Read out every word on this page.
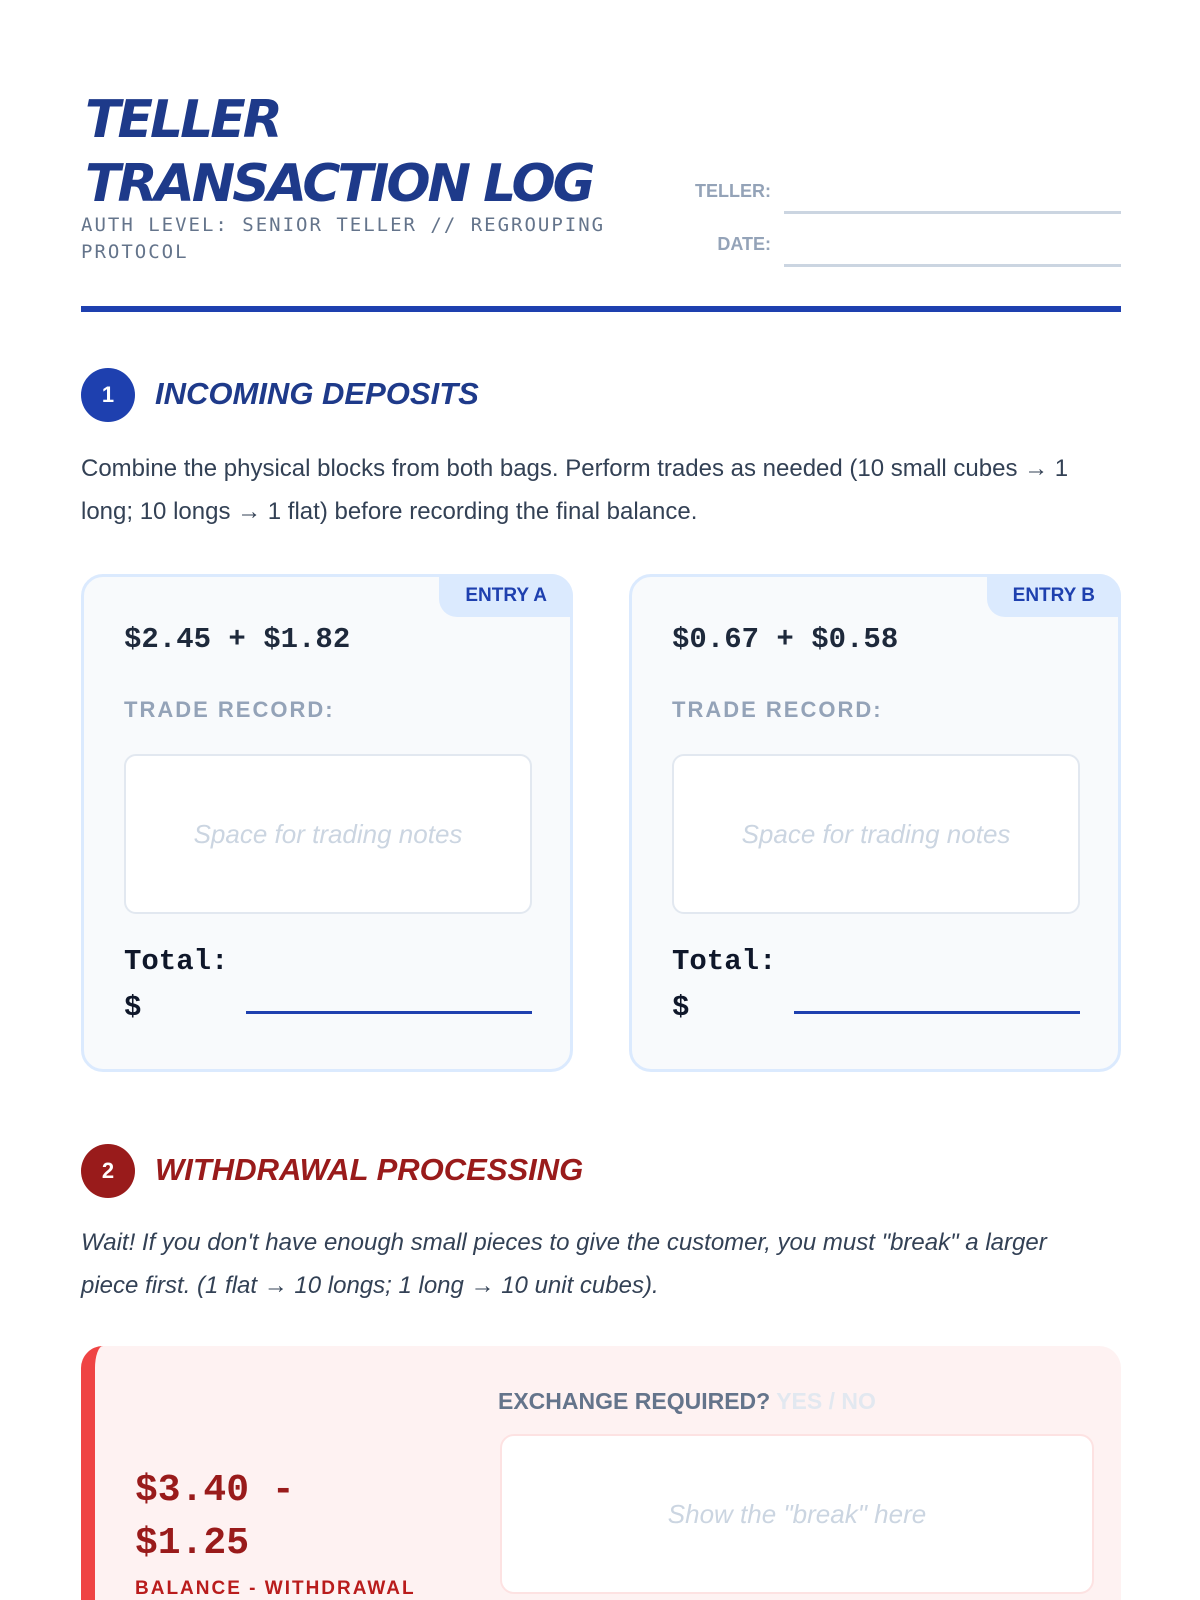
TELLER
TRANSACTION LOG
AUTH LEVEL: SENIOR TELLER // REGROUPING PROTOCOL
TELLER:
DATE:
1	INCOMING DEPOSITS

Combine the physical blocks from both bags. Perform trades as needed (10 small cubes → 1 long; 10 longs → 1 flat) before recording the final balance.

ENTRY A
$2.45 + $1.82
TRADE RECORD:
Space for trading notes
Total:
$
ENTRY B
$0.67 + $0.58
TRADE RECORD:
Space for trading notes
Total:
$
2	WITHDRAWAL PROCESSING

Wait! If you don't have enough small pieces to give the customer, you must "break" a larger piece first. (1 flat → 10 longs; 1 long → 10 unit cubes).

$3.40 -
$1.25
BALANCE - WITHDRAWAL
EXCHANGE REQUIRED? YES / NO
Show the "break" here
